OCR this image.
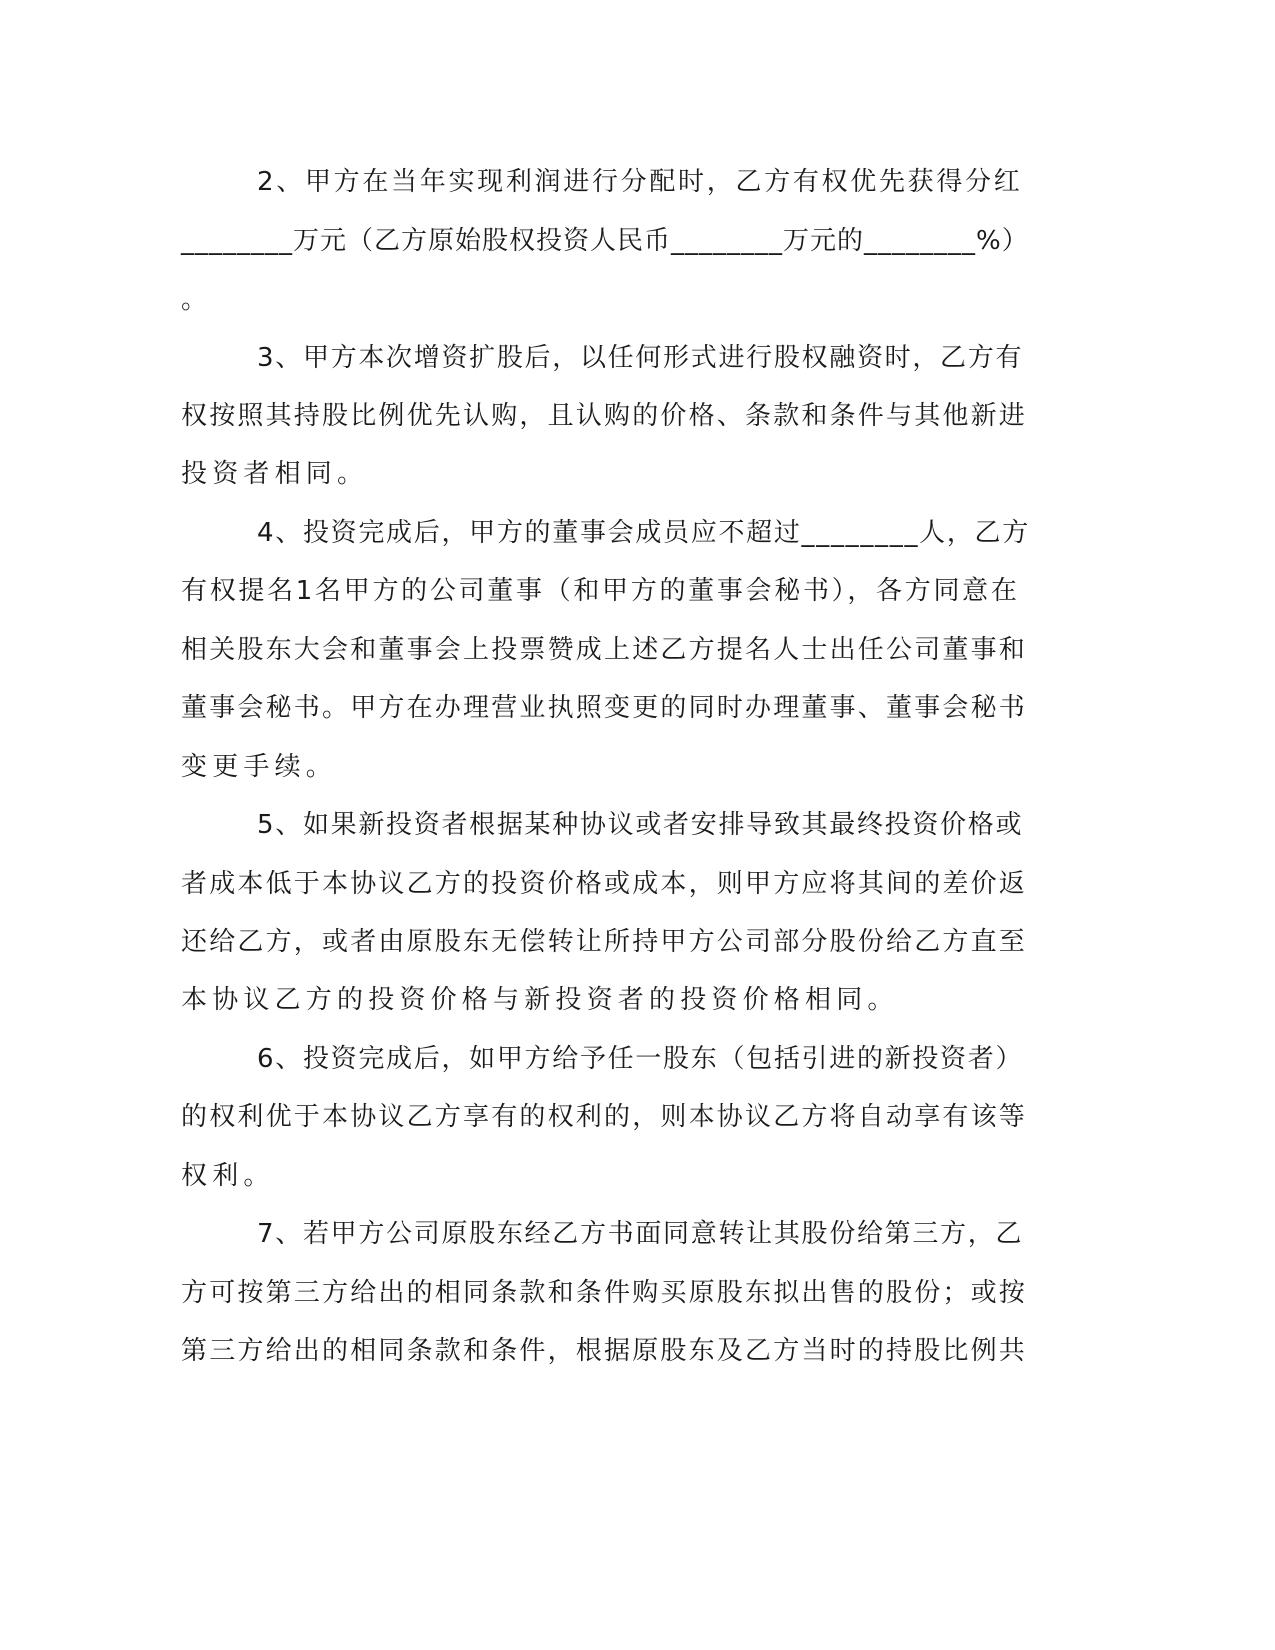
2、甲方在当年实现利润进行分配时，乙方有权优先获得分红

________万元（乙方原始股权投资人民币________万元的________%）

。

3、甲方本次增资扩股后，以任何形式进行股权融资时，乙方有

权按照其持股比例优先认购，且认购的价格、条款和条件与其他新进

投资者相同。

4、投资完成后，甲方的董事会成员应不超过________人，乙方

有权提名1名甲方的公司董事（和甲方的董事会秘书），各方同意在

相关股东大会和董事会上投票赞成上述乙方提名人士出任公司董事和

董事会秘书。甲方在办理营业执照变更的同时办理董事、董事会秘书

变更手续。

5、如果新投资者根据某种协议或者安排导致其最终投资价格或

者成本低于本协议乙方的投资价格或成本，则甲方应将其间的差价返

还给乙方，或者由原股东无偿转让所持甲方公司部分股份给乙方直至

本协议乙方的投资价格与新投资者的投资价格相同。

6、投资完成后，如甲方给予任一股东（包括引进的新投资者）

的权利优于本协议乙方享有的权利的，则本协议乙方将自动享有该等

权利。

7、若甲方公司原股东经乙方书面同意转让其股份给第三方，乙

方可按第三方给出的相同条款和条件购买原股东拟出售的股份；或按

第三方给出的相同条款和条件，根据原股东及乙方当时的持股比例共
